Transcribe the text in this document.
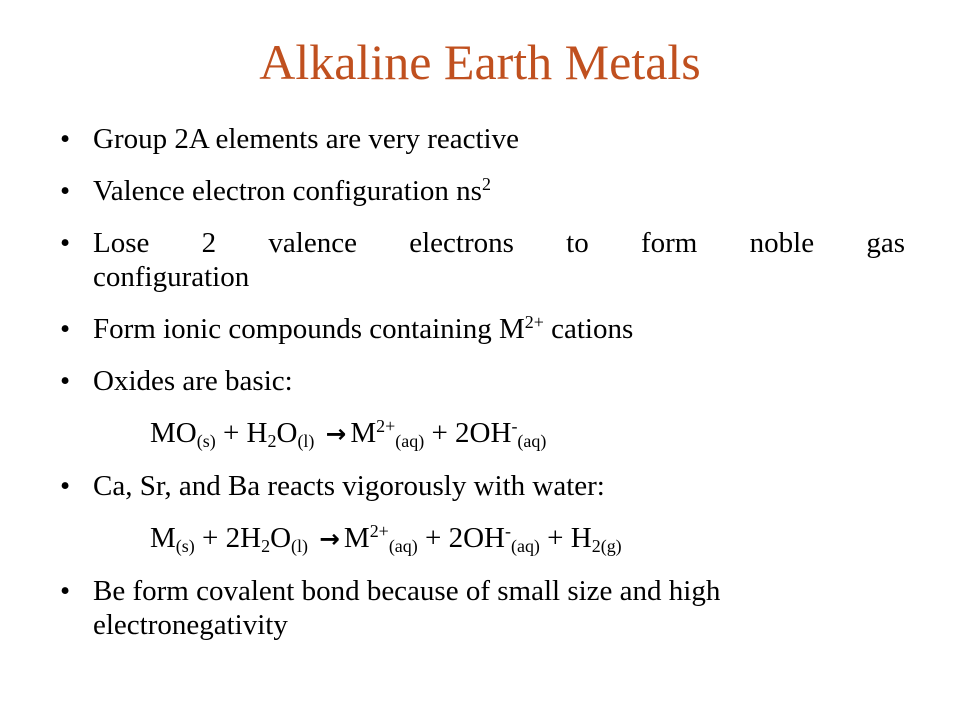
Alkaline Earth Metals
• Group 2A elements are very reactive
• Valence electron configuration $ns^2$
• Lose 2 valence electrons to form noble gas
configuration
• Form ionic compounds containing $M^{2+}$ cations
• Oxides are basic:
$MO_{(s)} + H_2O_{(l)} \to M^{2+}_{(aq)} + 2OH^-_{(aq)}$
• Ca, Sr, and Ba reacts vigorously with water:
$M_{(s)} + 2H_2O_{(l)} \to M^{2+}_{(aq)} + 2OH^-_{(aq)} + H_{2(g)}$
• Be form covalent bond because of small size and high
electronegativity
